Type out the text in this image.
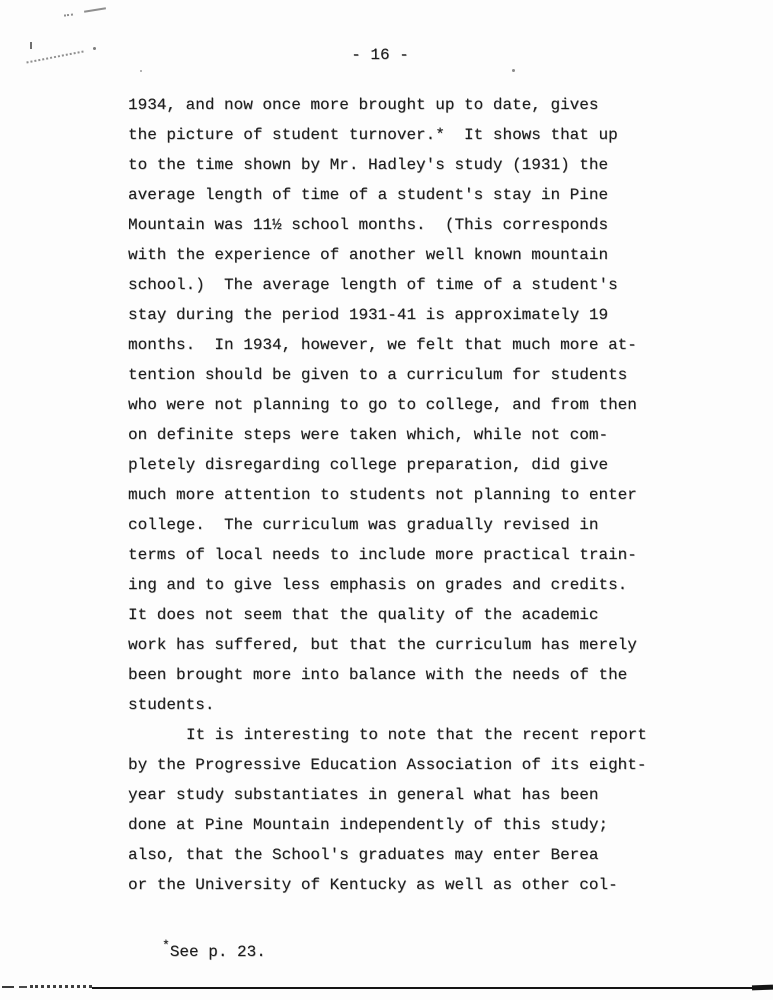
- 16 -
1934, and now once more brought up to date, gives
the picture of student turnover.*  It shows that up
to the time shown by Mr. Hadley's study (1931) the
average length of time of a student's stay in Pine
Mountain was 11½ school months.  (This corresponds
with the experience of another well known mountain
school.)  The average length of time of a student's
stay during the period 1931-41 is approximately 19
months.  In 1934, however, we felt that much more at-
tention should be given to a curriculum for students
who were not planning to go to college, and from then
on definite steps were taken which, while not com-
pletely disregarding college preparation, did give
much more attention to students not planning to enter
college.  The curriculum was gradually revised in
terms of local needs to include more practical train-
ing and to give less emphasis on grades and credits.
It does not seem that the quality of the academic
work has suffered, but that the curriculum has merely
been brought more into balance with the needs of the
students.
It is interesting to note that the recent report
by the Progressive Education Association of its eight-
year study substantiates in general what has been
done at Pine Mountain independently of this study;
also, that the School's graduates may enter Berea
or the University of Kentucky as well as other col-
*See p. 23.
